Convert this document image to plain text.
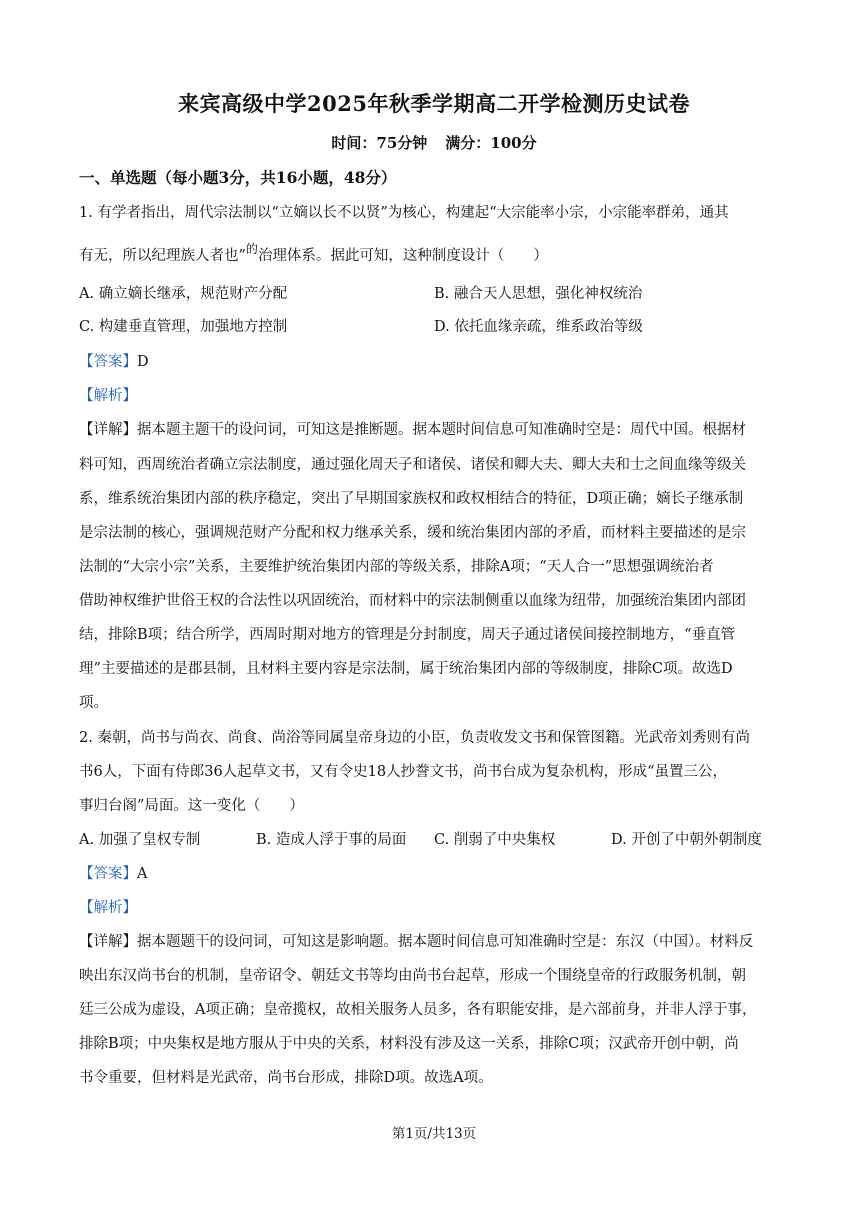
来宾高级中学2025年秋季学期高二开学检测历史试卷
时间：75分钟 满分：100分
一、单选题（每小题3分，共16小题，48分）
1. 有学者指出，周代宗法制以“立嫡以长不以贤”为核心，构建起“大宗能率小宗，小宗能率群弟，通其
有无，所以纪理族人者也”$^的$治理体系。据此可知，这种制度设计（　　）
A. 确立嫡长继承，规范财产分配	B. 融合天人思想，强化神权统治
C. 构建垂直管理，加强地方控制	D. 依托血缘亲疏，维系政治等级
【答案】D
【解析】
【详解】据本题主题干的设问词，可知这是推断题。据本题时间信息可知准确时空是：周代中国。根据材
料可知，西周统治者确立宗法制度，通过强化周天子和诸侯、诸侯和卿大夫、卿大夫和士之间血缘等级关
系，维系统治集团内部的秩序稳定，突出了早期国家族权和政权相结合的特征，D项正确；嫡长子继承制
是宗法制的核心，强调规范财产分配和权力继承关系，缓和统治集团内部的矛盾，而材料主要描述的是宗
法制的“大宗小宗”关系，主要维护统治集团内部的等级关系，排除A项；“天人合一”思想强调统治者
借助神权维护世俗王权的合法性以巩固统治，而材料中的宗法制侧重以血缘为纽带，加强统治集团内部团
结，排除B项；结合所学，西周时期对地方的管理是分封制度，周天子通过诸侯间接控制地方，“垂直管
理”主要描述的是郡县制，且材料主要内容是宗法制，属于统治集团内部的等级制度，排除C项。故选D
项。
2. 秦朝，尚书与尚衣、尚食、尚浴等同属皇帝身边的小臣，负责收发文书和保管图籍。光武帝刘秀则有尚
书6人，下面有侍郎36人起草文书，又有令史18人抄誊文书，尚书台成为复杂机构，形成“虽置三公，
事归台阁”局面。这一变化（　　）
A. 加强了皇权专制	B. 造成人浮于事的局面 C. 削弱了中央集权	D. 开创了中朝外朝制度
【答案】A
【解析】
【详解】据本题题干的设问词，可知这是影响题。据本题时间信息可知准确时空是：东汉（中国）。材料反
映出东汉尚书台的机制，皇帝诏令、朝廷文书等均由尚书台起草，形成一个围绕皇帝的行政服务机制，朝
廷三公成为虚设，A项正确；皇帝揽权，故相关服务人员多，各有职能安排，是六部前身，并非人浮于事，
排除B项；中央集权是地方服从于中央的关系，材料没有涉及这一关系，排除C项；汉武帝开创中朝，尚
书令重要，但材料是光武帝，尚书台形成，排除D项。故选A项。
第1页/共13页
